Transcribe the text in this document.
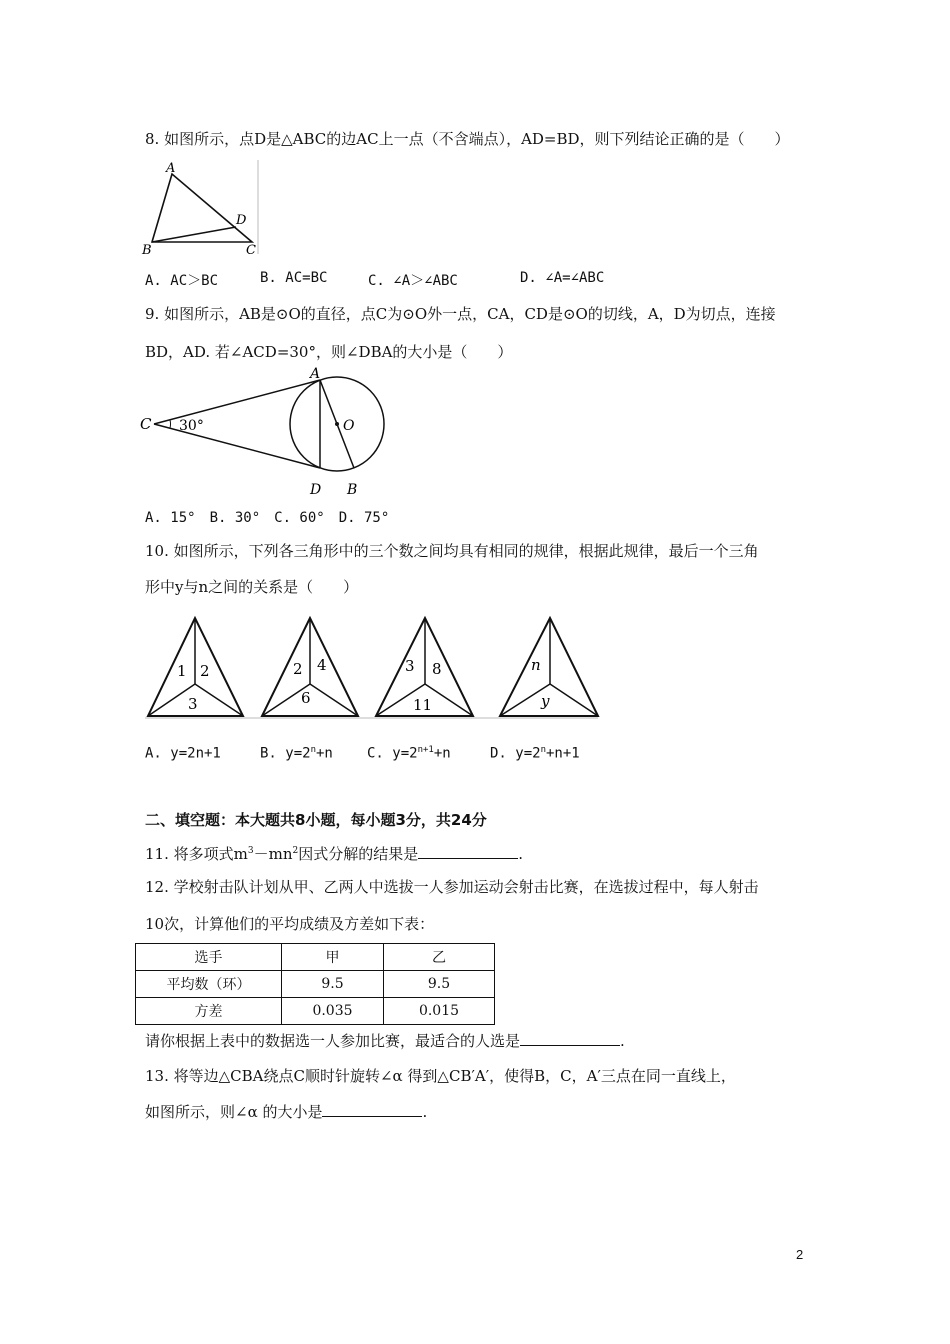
8. 如图所示，点D是△ABC的边AC上一点（不含端点），AD=BD，则下列结论正确的是（　　）
A
B	C
D
A. AC＞BC	B. AC=BC	C. ∠A＞∠ABC	D. ∠A=∠ABC
9. 如图所示，AB是⊙O的直径，点C为⊙O外一点，CA，CD是⊙O的切线，A，D为切点，连接
BD，AD. 若∠ACD=30°，则∠DBA的大小是（　　）
C 30°
A
O
D B
A. 15°　B. 30°　C. 60°　D. 75°
10. 如图所示，下列各三角形中的三个数之间均具有相同的规律，根据此规律，最后一个三角
形中y与n之间的关系是（　　）
1 2
3
2 4
6
3 8
11
n
y
A. y=2n+1	B. $y=2^n+n$ C. $y=2^{n+1}+n$	D. $y=2^n+n+1$
二、填空题：本大题共8小题，每小题3分，共24分
11. 将多项式$m^3-mn^2$因式分解的结果是	.
12. 学校射击队计划从甲、乙两人中选拔一人参加运动会射击比赛，在选拔过程中，每人射击
10次，计算他们的平均成绩及方差如下表：
选手	甲	乙
平均数（环）	9.5	9.5
方差	0.035	0.015
请你根据上表中的数据选一人参加比赛，最适合的人选是	.
13. 将等边△CBA绕点C顺时针旋转∠α 得到△CB′A′，使得B，C，A′三点在同一直线上，
如图所示，则∠α 的大小是	.
2
